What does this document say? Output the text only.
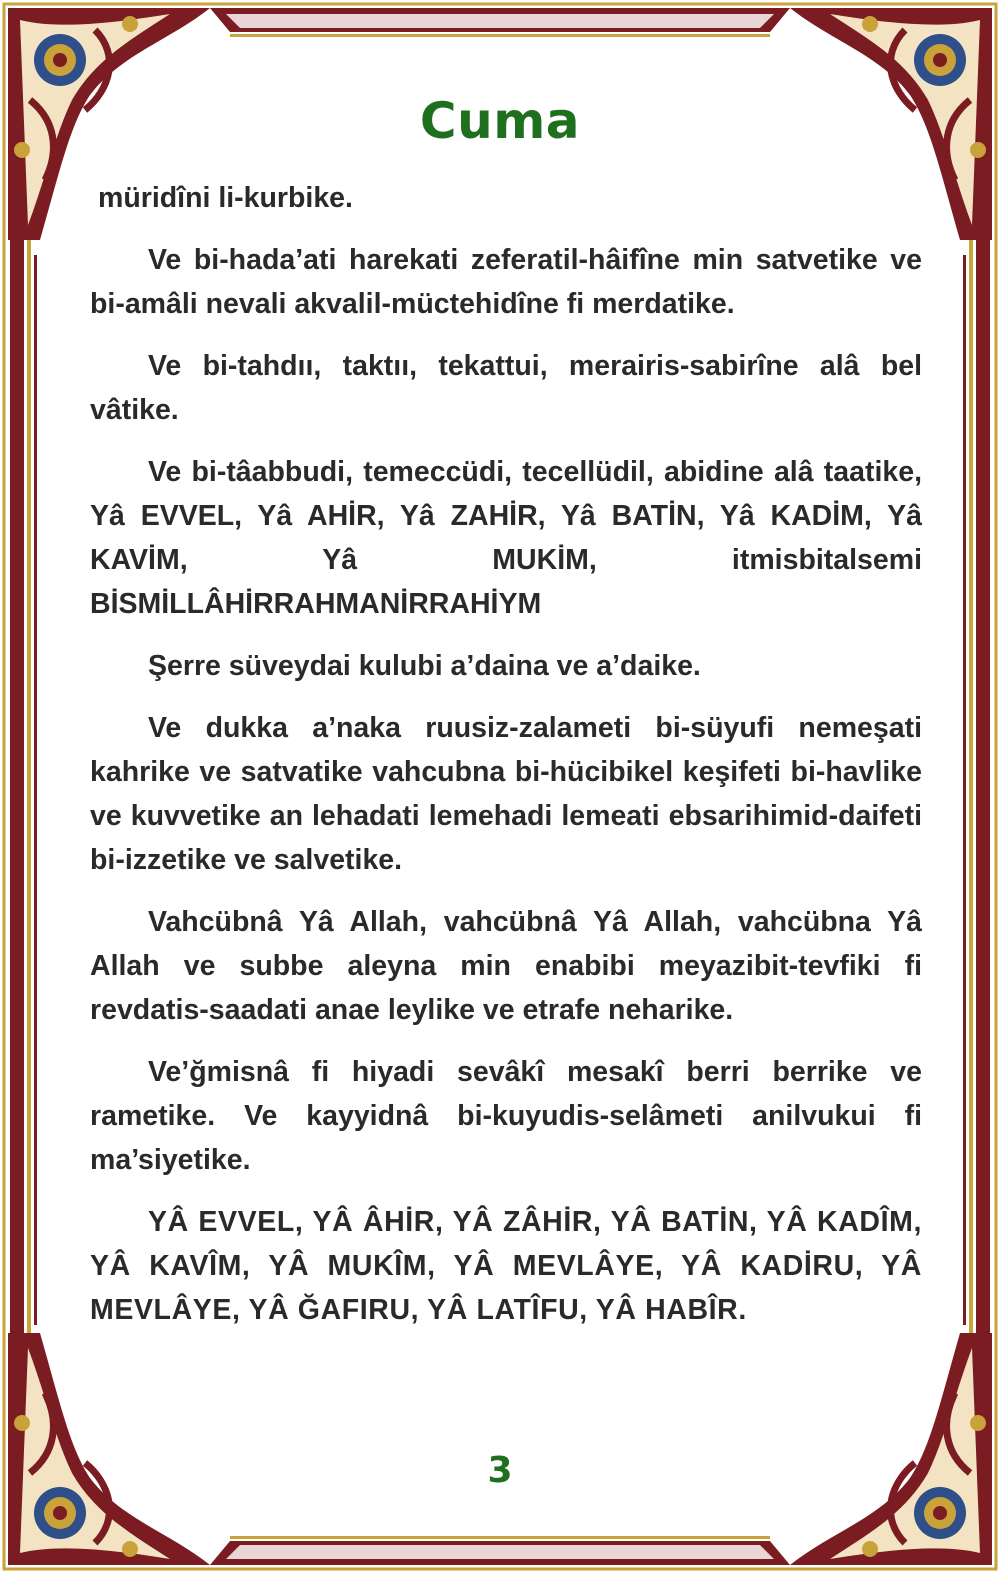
Cuma

müridîni li-kurbike.

Ve bi-hada’ati harekati zeferatil-hâifîne min satvetike ve bi-amâli nevali akvalil-müctehidîne fi merdatike.

Ve bi-tahdıı, taktıı, tekattui, merairis-sabirîne alâ bel vâtike.

Ve bi-tâabbudi, temeccüdi, tecellüdil, abidine alâ taatike, Yâ EVVEL, Yâ AHİR, Yâ ZAHİR, Yâ BATİN, Yâ KADİM, Yâ KAVİM, Yâ MUKİM, itmisbitalsemi BİSMİLLÂHİRRAHMANİRRAHİYM

Şerre süveydai kulubi a’daina ve a’daike.

Ve dukka a’naka ruusiz-zalameti bi-süyufi nemeşati kahrike ve satvatike vahcubna bi-hücibikel keşifeti bi-havlike ve kuvvetike an lehadati lemehadi lemeati ebsarihimid-daifeti bi-izzetike ve salvetike.

Vahcübnâ Yâ Allah, vahcübnâ Yâ Allah, vahcübna Yâ Allah ve subbe aleyna min enabibi meyazibit-tevfiki fi revdatis-saadati anae leylike ve etrafe neharike.

Ve’ğmisnâ fi hiyadi sevâkî mesakî berri berrike ve rametike. Ve kayyidnâ bi-kuyudis-selâmeti anilvukui fi ma’siyetike.

YÂ EVVEL, YÂ ÂHİR, YÂ ZÂHİR, YÂ BATİN, YÂ KADÎM, YÂ KAVÎM, YÂ MUKÎM, YÂ MEVLÂYE, YÂ KADİRU, YÂ MEVLÂYE, YÂ ĞAFIRU, YÂ LATÎFU, YÂ HABÎR.

3
